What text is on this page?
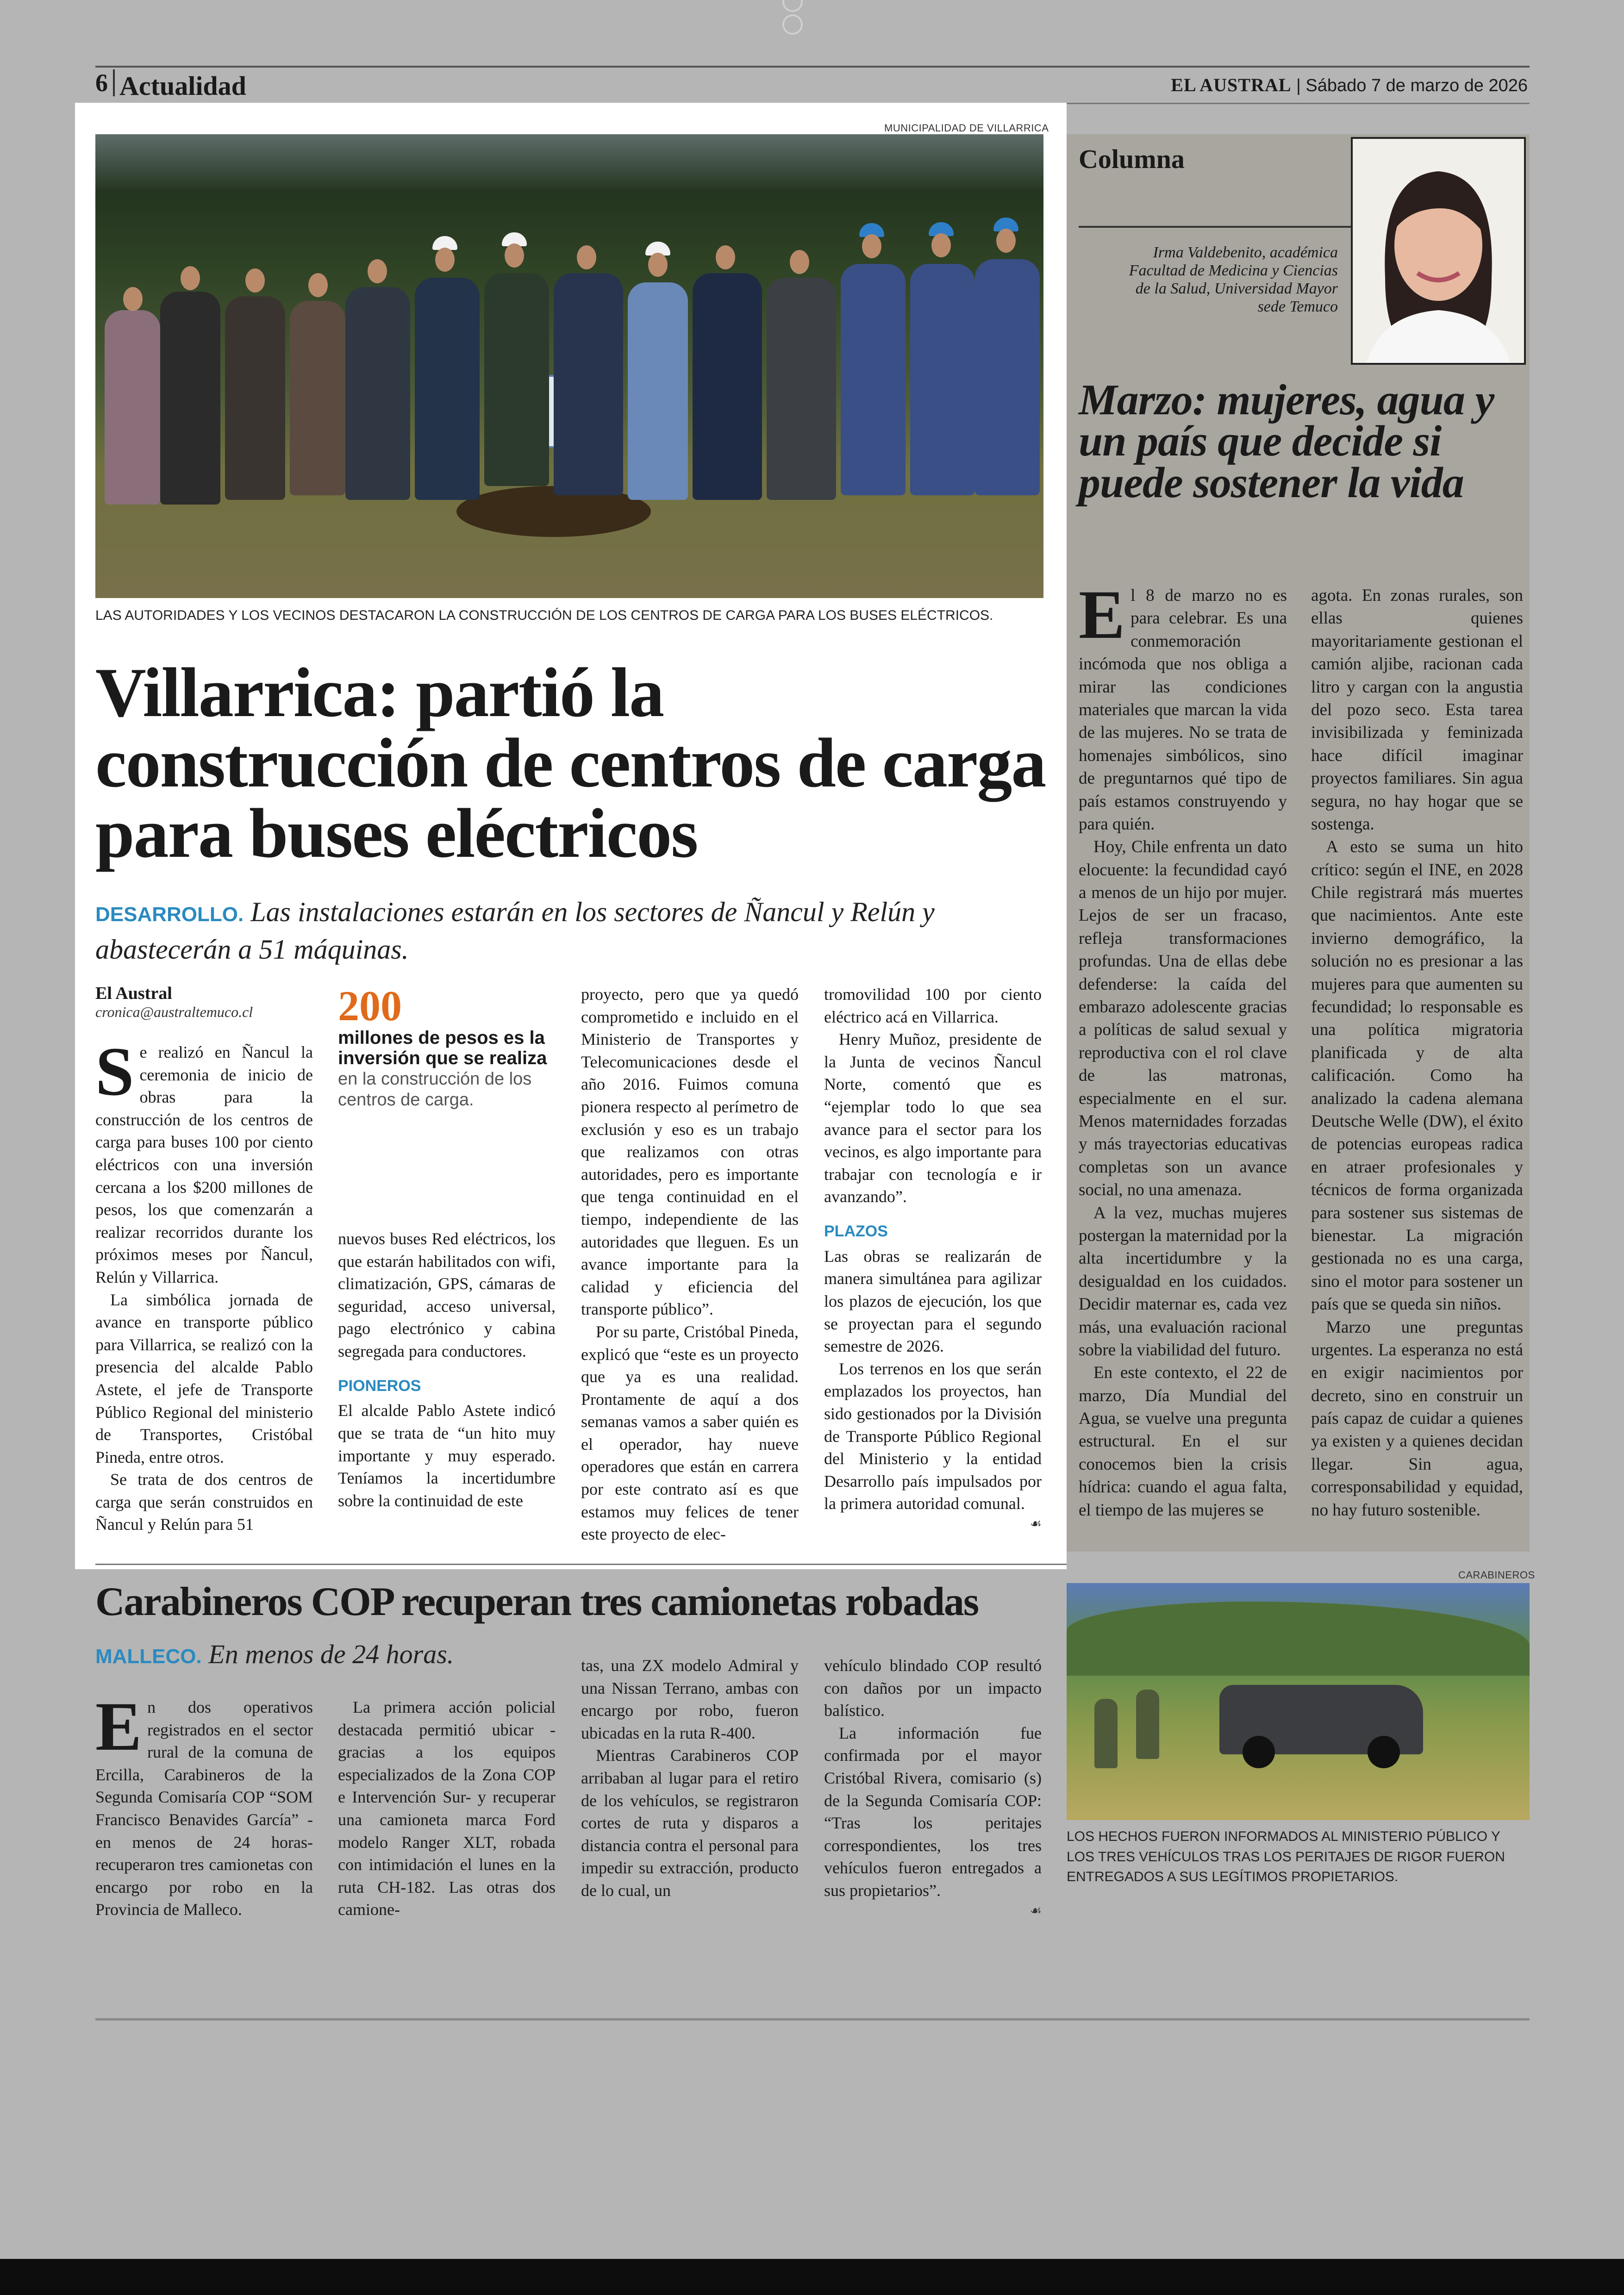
6 Actualidad	EL AUSTRAL | Sábado 7 de marzo de 2026
MUNICIPALIDAD DE VILLARRICA
LAS AUTORIDADES Y LOS VECINOS DESTACARON LA CONSTRUCCIÓN DE LOS CENTROS DE CARGA PARA LOS BUSES ELÉCTRICOS.
Villarrica: partió la construcción de centros de carga para buses eléctricos
DESARROLLO. Las instalaciones estarán en los sectores de Ñancul y Relún y abastecerán a 51 máquinas.
El Austral
cronica@australtemuco.cl

Se realizó en Ñancul la ceremonia de inicio de obras para la construcción de los centros de carga para buses 100 por ciento eléctricos con una inversión cercana a los $200 millones de pesos, los que comenzarán a realizar recorridos durante los próximos meses por Ñancul, Relún y Villarrica.

La simbólica jornada de avance en transporte público para Villarrica, se realizó con la presencia del alcalde Pablo Astete, el jefe de Transporte Público Regional del ministerio de Transportes, Cristóbal Pineda, entre otros.

Se trata de dos centros de carga que serán construidos en Ñancul y Relún para 51

200
millones de pesos es la inversión que se realiza en la construcción de los centros de carga.

nuevos buses Red eléctricos, los que estarán habilitados con wifi, climatización, GPS, cámaras de seguridad, acceso universal, pago electrónico y cabina segregada para conductores.

PIONEROS

El alcalde Pablo Astete indicó que se trata de “un hito muy importante y muy esperado. Teníamos la incertidumbre sobre la continuidad de este

proyecto, pero que ya quedó comprometido e incluido en el Ministerio de Transportes y Telecomunicaciones desde el año 2016. Fuimos comuna pionera respecto al perímetro de exclusión y eso es un trabajo que realizamos con otras autoridades, pero es importante que tenga continuidad en el tiempo, independiente de las autoridades que lleguen. Es un avance importante para la calidad y eficiencia del transporte público”.

Por su parte, Cristóbal Pineda, explicó que “este es un proyecto que ya es una realidad. Prontamente de aquí a dos semanas vamos a saber quién es el operador, hay nueve operadores que están en carrera por este contrato así es que estamos muy felices de tener este proyecto de elec-

tromovilidad 100 por ciento eléctrico acá en Villarrica.

Henry Muñoz, presidente de la Junta de vecinos Ñancul Norte, comentó que es “ejemplar todo lo que sea avance para el sector para los vecinos, es algo importante para trabajar con tecnología e ir avanzando”.

PLAZOS

Las obras se realizarán de manera simultánea para agilizar los plazos de ejecución, los que se proyectan para el segundo semestre de 2026.

Los terrenos en los que serán emplazados los proyectos, han sido gestionados por la División de Transporte Público Regional del Ministerio y la entidad Desarrollo país impulsados por la primera autoridad comunal.

☙
Columna
Irma Valdebenito, académica Facultad de Medicina y Ciencias de la Salud, Universidad Mayor sede Temuco
Marzo: mujeres, agua y un país que decide si puede sostener la vida

El 8 de marzo no es para celebrar. Es una conmemoración incómoda que nos obliga a mirar las condiciones materiales que marcan la vida de las mujeres. No se trata de homenajes simbólicos, sino de preguntarnos qué tipo de país estamos construyendo y para quién.

Hoy, Chile enfrenta un dato elocuente: la fecundidad cayó a menos de un hijo por mujer. Lejos de ser un fracaso, refleja transformaciones profundas. Una de ellas debe defenderse: la caída del embarazo adolescente gracias a políticas de salud sexual y reproductiva con el rol clave de las matronas, especialmente en el sur. Menos maternidades forzadas y más trayectorias educativas completas son un avance social, no una amenaza.

A la vez, muchas mujeres postergan la maternidad por la alta incertidumbre y la desigualdad en los cuidados. Decidir maternar es, cada vez más, una evaluación racional sobre la viabilidad del futuro.

En este contexto, el 22 de marzo, Día Mundial del Agua, se vuelve una pregunta estructural. En el sur conocemos bien la crisis hídrica: cuando el agua falta, el tiempo de las mujeres se

agota. En zonas rurales, son ellas quienes mayoritariamente gestionan el camión aljibe, racionan cada litro y cargan con la angustia del pozo seco. Esta tarea invisibilizada y feminizada hace difícil imaginar proyectos familiares. Sin agua segura, no hay hogar que se sostenga.

A esto se suma un hito crítico: según el INE, en 2028 Chile registrará más muertes que nacimientos. Ante este invierno demográfico, la solución no es presionar a las mujeres para que aumenten su fecundidad; lo responsable es una política migratoria planificada y de alta calificación. Como ha analizado la cadena alemana Deutsche Welle (DW), el éxito de potencias europeas radica en atraer profesionales y técnicos de forma organizada para sostener sus sistemas de bienestar. La migración gestionada no es una carga, sino el motor para sostener un país que se queda sin niños.

Marzo une preguntas urgentes. La esperanza no está en exigir nacimientos por decreto, sino en construir un país capaz de cuidar a quienes ya existen y a quienes decidan llegar. Sin agua, corresponsabilidad y equidad, no hay futuro sostenible.

Carabineros COP recuperan tres camionetas robadas
MALLECO. En menos de 24 horas.

En dos operativos registrados en el sector rural de la comuna de Ercilla, Carabineros de la Segunda Comisaría COP “SOM Francisco Benavides García” -en menos de 24 horas- recuperaron tres camionetas con encargo por robo en la Provincia de Malleco.

La primera acción policial destacada permitió ubicar -gracias a los equipos especializados de la Zona COP e Intervención Sur- y recuperar una camioneta marca Ford modelo Ranger XLT, robada con intimidación el lunes en la ruta CH-182. Las otras dos camione-

tas, una ZX modelo Admiral y una Nissan Terrano, ambas con encargo por robo, fueron ubicadas en la ruta R-400.

Mientras Carabineros COP arribaban al lugar para el retiro de los vehículos, se registraron cortes de ruta y disparos a distancia contra el personal para impedir su extracción, producto de lo cual, un

vehículo blindado COP resultó con daños por un impacto balístico.

La información fue confirmada por el mayor Cristóbal Rivera, comisario (s) de la Segunda Comisaría COP: “Tras los peritajes correspondientes, los tres vehículos fueron entregados a sus propietarios”.

☙
CARABINEROS
LOS HECHOS FUERON INFORMADOS AL MINISTERIO PÚBLICO Y LOS TRES VEHÍCULOS TRAS LOS PERITAJES DE RIGOR FUERON ENTREGADOS A SUS LEGÍTIMOS PROPIETARIOS.
